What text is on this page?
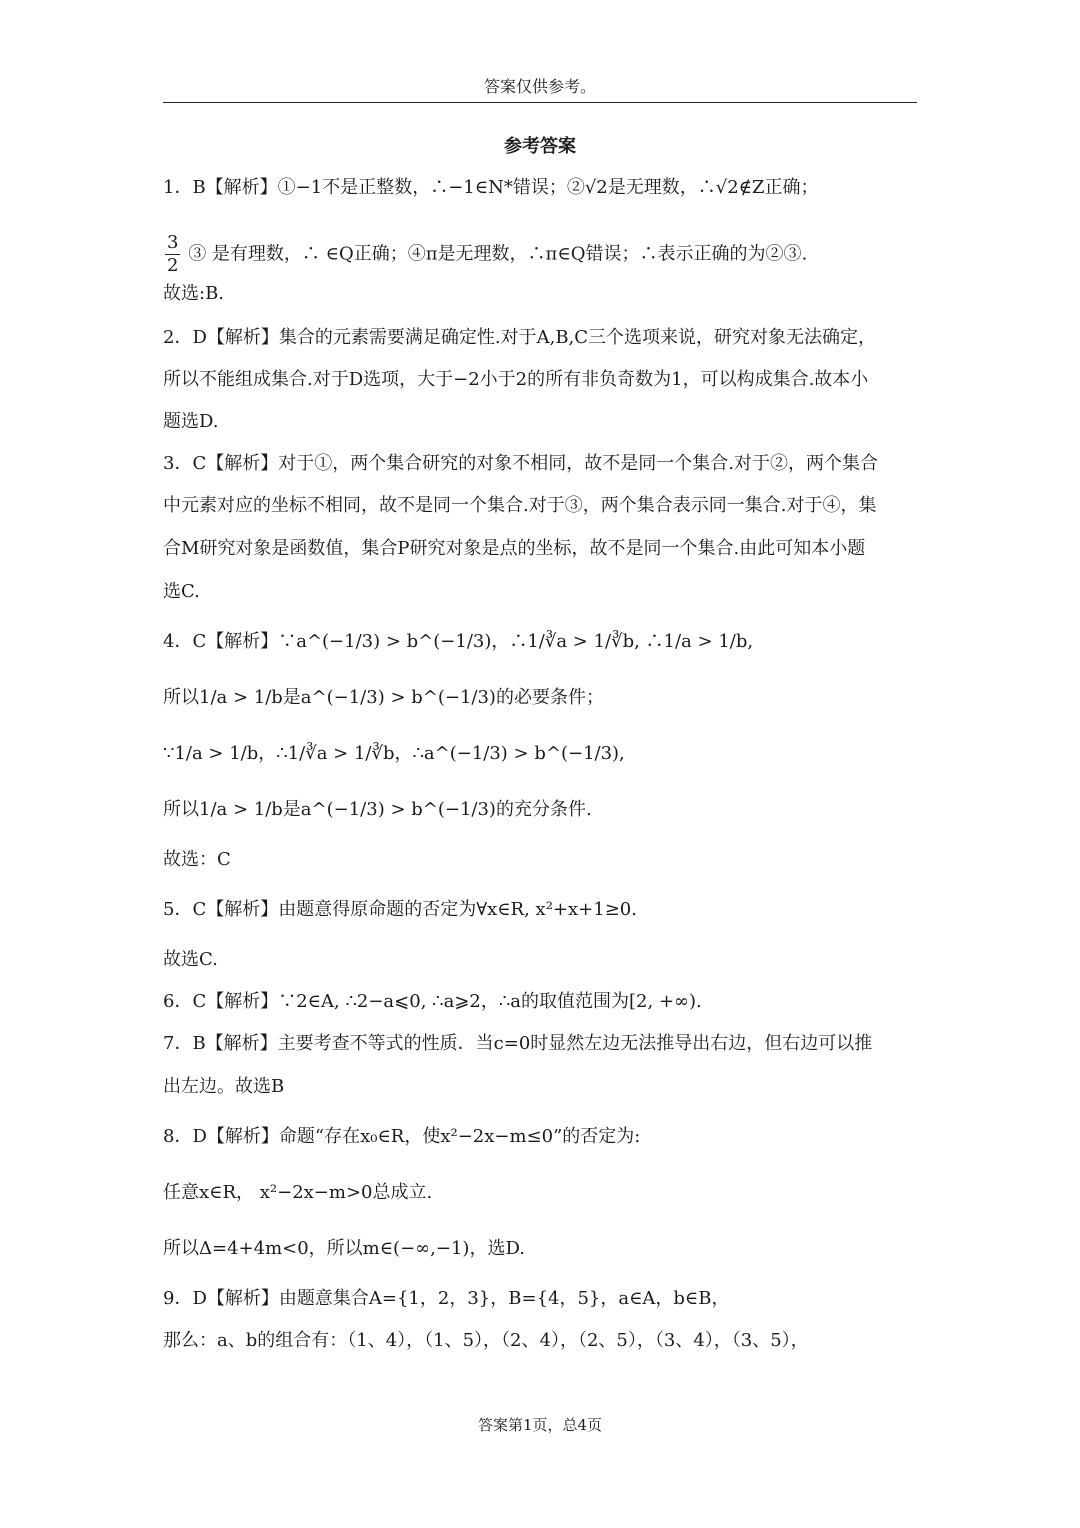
答案仅供参考。
参考答案
1．B【解析】①−1不是正整数，∴−1∈N*错误；②√2是无理数，∴√2∉Z正确；
$\frac{3}{2}$ ③ 是有理数，∴ ∈Q正确；④π是无理数，∴π∈Q错误；∴表示正确的为②③.
故选:B.
2．D【解析】集合的元素需要满足确定性.对于A,B,C三个选项来说，研究对象无法确定，
所以不能组成集合.对于D选项，大于−2小于2的所有非负奇数为1，可以构成集合.故本小
题选D.
3．C【解析】对于①，两个集合研究的对象不相同，故不是同一个集合.对于②，两个集合
中元素对应的坐标不相同，故不是同一个集合.对于③，两个集合表示同一集合.对于④，集
合M研究对象是函数值，集合P研究对象是点的坐标，故不是同一个集合.由此可知本小题
选C.
4．C【解析】∵a^(−1/3) > b^(−1/3)，∴1/∛a > 1/∛b, ∴1/a > 1/b,
所以1/a > 1/b是a^(−1/3) > b^(−1/3)的必要条件；
∵1/a > 1/b，∴1/∛a > 1/∛b，∴a^(−1/3) > b^(−1/3),
所以1/a > 1/b是a^(−1/3) > b^(−1/3)的充分条件.
故选：C
5．C【解析】由题意得原命题的否定为∀x∈R, x²+x+1≥0.
故选C.
6．C【解析】∵2∈A, ∴2−a⩽0, ∴a⩾2，∴a的取值范围为[2, +∞).
7．B【解析】主要考查不等式的性质．当c=0时显然左边无法推导出右边，但右边可以推
出左边。故选B
8．D【解析】命题“存在x₀∈R，使x²−2x−m≤0”的否定为:
任意x∈R， x²−2x−m>0总成立.
所以Δ=4+4m<0，所以m∈(−∞,−1)，选D.
9．D【解析】由题意集合A={1，2，3}，B={4，5}，a∈A，b∈B，
那么：a、b的组合有：（1、4），（1、5），（2、4），（2、5），（3、4），（3、5），
答案第1页，总4页
